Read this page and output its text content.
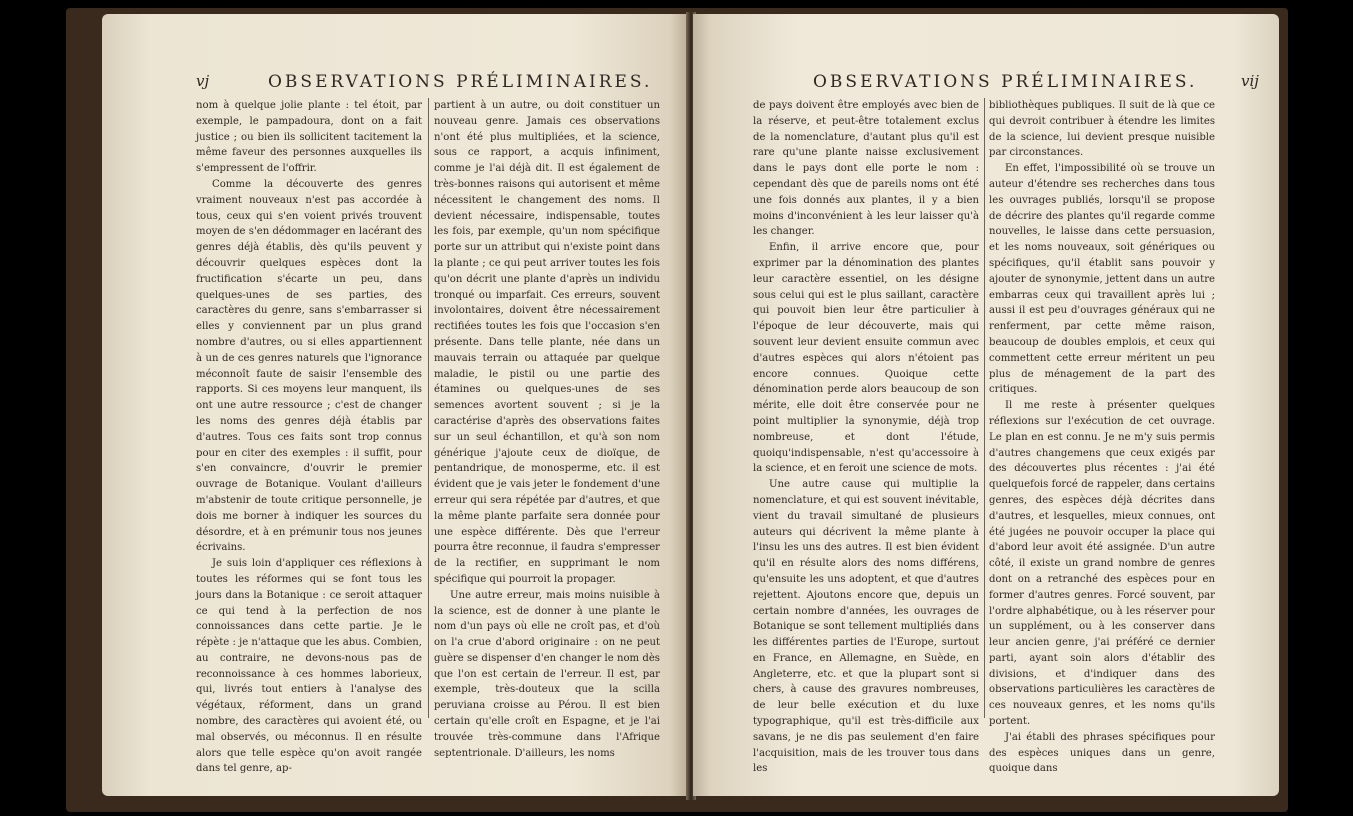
vj	OBSERVATIONS PRÉLIMINAIRES.

nom à quelque jolie plante : tel étoit, par exemple, le pampadoura, dont on a fait justice ; ou bien ils sollicitent tacitement la même faveur des personnes auxquelles ils s'empressent de l'offrir.

Comme la découverte des genres vraiment nouveaux n'est pas accordée à tous, ceux qui s'en voient privés trouvent moyen de s'en dédommager en lacérant des genres déjà établis, dès qu'ils peuvent y découvrir quelques espèces dont la fructification s'écarte un peu, dans quelques-unes de ses parties, des caractères du genre, sans s'embarrasser si elles y conviennent par un plus grand nombre d'autres, ou si elles appartiennent à un de ces genres naturels que l'ignorance méconnoît faute de saisir l'ensemble des rapports. Si ces moyens leur manquent, ils ont une autre ressource ; c'est de changer les noms des genres déjà établis par d'autres. Tous ces faits sont trop connus pour en citer des exemples : il suffit, pour s'en convaincre, d'ouvrir le premier ouvrage de Botanique. Voulant d'ailleurs m'abstenir de toute critique personnelle, je dois me borner à indiquer les sources du désordre, et à en prémunir tous nos jeunes écrivains.

Je suis loin d'appliquer ces réflexions à toutes les réformes qui se font tous les jours dans la Botanique : ce seroit attaquer ce qui tend à la perfection de nos connoissances dans cette partie. Je le répète : je n'attaque que les abus. Combien, au contraire, ne devons-nous pas de reconnoissance à ces hommes laborieux, qui, livrés tout entiers à l'analyse des végétaux, réforment, dans un grand nombre, des caractères qui avoient été, ou mal observés, ou méconnus. Il en résulte alors que telle espèce qu'on avoit rangée dans tel genre, ap-

partient à un autre, ou doit constituer un nouveau genre. Jamais ces observations n'ont été plus multipliées, et la science, sous ce rapport, a acquis infiniment, comme je l'ai déjà dit. Il est également de très-bonnes raisons qui autorisent et même nécessitent le changement des noms. Il devient nécessaire, indispensable, toutes les fois, par exemple, qu'un nom spécifique porte sur un attribut qui n'existe point dans la plante ; ce qui peut arriver toutes les fois qu'on décrit une plante d'après un individu tronqué ou imparfait. Ces erreurs, souvent involontaires, doivent être nécessairement rectifiées toutes les fois que l'occasion s'en présente. Dans telle plante, née dans un mauvais terrain ou attaquée par quelque maladie, le pistil ou une partie des étamines ou quelques-unes de ses semences avortent souvent ; si je la caractérise d'après des observations faites sur un seul échantillon, et qu'à son nom générique j'ajoute ceux de dioïque, de pentandrique, de monosperme, etc. il est évident que je vais jeter le fondement d'une erreur qui sera répétée par d'autres, et que la même plante parfaite sera donnée pour une espèce différente. Dès que l'erreur pourra être reconnue, il faudra s'empresser de la rectifier, en supprimant le nom spécifique qui pourroit la propager.

Une autre erreur, mais moins nuisible à la science, est de donner à une plante le nom d'un pays où elle ne croît pas, et d'où on l'a crue d'abord originaire : on ne peut guère se dispenser d'en changer le nom dès que l'on est certain de l'erreur. Il est, par exemple, très-douteux que la scilla peruviana croisse au Pérou. Il est bien certain qu'elle croît en Espagne, et je l'ai trouvée très-commune dans l'Afrique septentrionale. D'ailleurs, les noms

OBSERVATIONS PRÉLIMINAIRES.	vij

de pays doivent être employés avec bien de la réserve, et peut-être totalement exclus de la nomenclature, d'autant plus qu'il est rare qu'une plante naisse exclusivement dans le pays dont elle porte le nom : cependant dès que de pareils noms ont été une fois donnés aux plantes, il y a bien moins d'inconvénient à les leur laisser qu'à les changer.

Enfin, il arrive encore que, pour exprimer par la dénomination des plantes leur caractère essentiel, on les désigne sous celui qui est le plus saillant, caractère qui pouvoit bien leur être particulier à l'époque de leur découverte, mais qui souvent leur devient ensuite commun avec d'autres espèces qui alors n'étoient pas encore connues. Quoique cette dénomination perde alors beaucoup de son mérite, elle doit être conservée pour ne point multiplier la synonymie, déjà trop nombreuse, et dont l'étude, quoiqu'indispensable, n'est qu'accessoire à la science, et en feroit une science de mots.

Une autre cause qui multiplie la nomenclature, et qui est souvent inévitable, vient du travail simultané de plusieurs auteurs qui décrivent la même plante à l'insu les uns des autres. Il est bien évident qu'il en résulte alors des noms différens, qu'ensuite les uns adoptent, et que d'autres rejettent. Ajoutons encore que, depuis un certain nombre d'années, les ouvrages de Botanique se sont tellement multipliés dans les différentes parties de l'Europe, surtout en France, en Allemagne, en Suède, en Angleterre, etc. et que la plupart sont si chers, à cause des gravures nombreuses, de leur belle exécution et du luxe typographique, qu'il est très-difficile aux savans, je ne dis pas seulement d'en faire l'acquisition, mais de les trouver tous dans les

bibliothèques publiques. Il suit de là que ce qui devroit contribuer à étendre les limites de la science, lui devient presque nuisible par circonstances.

En effet, l'impossibilité où se trouve un auteur d'étendre ses recherches dans tous les ouvrages publiés, lorsqu'il se propose de décrire des plantes qu'il regarde comme nouvelles, le laisse dans cette persuasion, et les noms nouveaux, soit génériques ou spécifiques, qu'il établit sans pouvoir y ajouter de synonymie, jettent dans un autre embarras ceux qui travaillent après lui ; aussi il est peu d'ouvrages généraux qui ne renferment, par cette même raison, beaucoup de doubles emplois, et ceux qui commettent cette erreur méritent un peu plus de ménagement de la part des critiques.

Il me reste à présenter quelques réflexions sur l'exécution de cet ouvrage. Le plan en est connu. Je ne m'y suis permis d'autres changemens que ceux exigés par des découvertes plus récentes : j'ai été quelquefois forcé de rappeler, dans certains genres, des espèces déjà décrites dans d'autres, et lesquelles, mieux connues, ont été jugées ne pouvoir occuper la place qui d'abord leur avoit été assignée. D'un autre côté, il existe un grand nombre de genres dont on a retranché des espèces pour en former d'autres genres. Forcé souvent, par l'ordre alphabétique, ou à les réserver pour un supplément, ou à les conserver dans leur ancien genre, j'ai préféré ce dernier parti, ayant soin alors d'établir des divisions, et d'indiquer dans des observations particulières les caractères de ces nouveaux genres, et les noms qu'ils portent.

J'ai établi des phrases spécifiques pour des espèces uniques dans un genre, quoique dans
